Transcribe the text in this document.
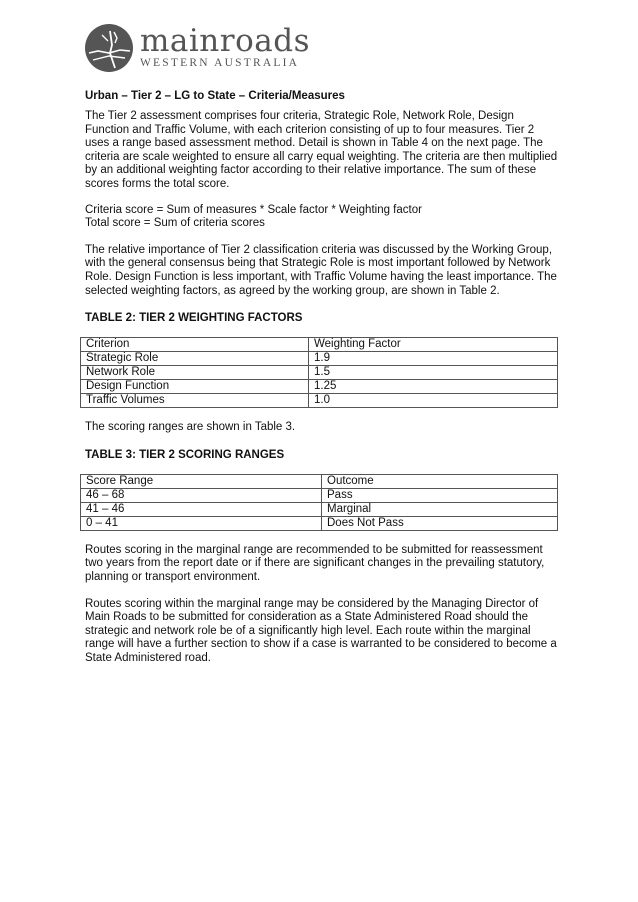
mainroads
WESTERN AUSTRALIA
Urban – Tier 2 – LG to State – Criteria/Measures

The Tier 2 assessment comprises four criteria, Strategic Role, Network Role, Design Function and Traffic Volume, with each criterion consisting of up to four measures. Tier 2 uses a range based assessment method. Detail is shown in Table 4 on the next page. The criteria are scale weighted to ensure all carry equal weighting. The criteria are then multiplied by an additional weighting factor according to their relative importance. The sum of these scores forms the total score.

Criteria score = Sum of measures * Scale factor * Weighting factor
Total score = Sum of criteria scores

The relative importance of Tier 2 classification criteria was discussed by the Working Group, with the general consensus being that Strategic Role is most important followed by Network Role. Design Function is less important, with Traffic Volume having the least importance. The selected weighting factors, as agreed by the working group, are shown in Table 2.

TABLE 2: TIER 2 WEIGHTING FACTORS
Criterion	Weighting Factor
Strategic Role	1.9
Network Role	1.5
Design Function	1.25
Traffic Volumes	1.0

The scoring ranges are shown in Table 3.

TABLE 3: TIER 2 SCORING RANGES
Score Range	Outcome
46 – 68	Pass
41 – 46	Marginal
0 – 41	Does Not Pass

Routes scoring in the marginal range are recommended to be submitted for reassessment two years from the report date or if there are significant changes in the prevailing statutory, planning or transport environment.

Routes scoring within the marginal range may be considered by the Managing Director of Main Roads to be submitted for consideration as a State Administered Road should the strategic and network role be of a significantly high level. Each route within the marginal range will have a further section to show if a case is warranted to be considered to become a State Administered road.
